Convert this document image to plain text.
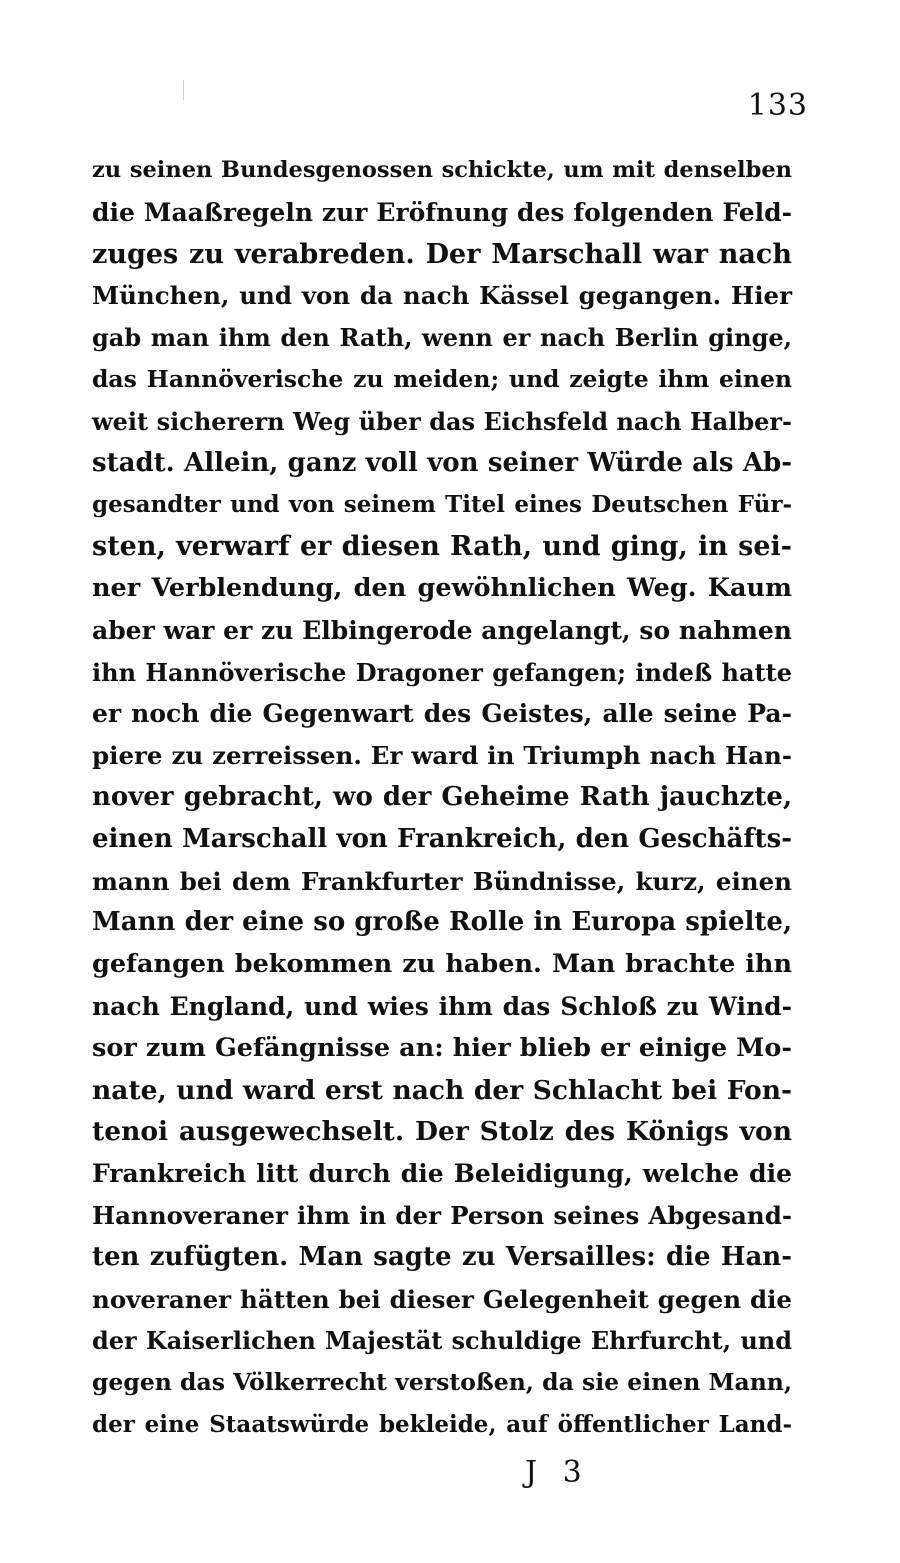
133
zu seinen Bundesgenossen schickte, um mit denselben
die Maaßregeln zur Eröfnung des folgenden Feld-
zuges zu verabreden. Der Marschall war nach
München, und von da nach Kässel gegangen. Hier
gab man ihm den Rath, wenn er nach Berlin ginge,
das Hannöverische zu meiden; und zeigte ihm einen
weit sicherern Weg über das Eichsfeld nach Halber-
stadt. Allein, ganz voll von seiner Würde als Ab-
gesandter und von seinem Titel eines Deutschen Für-
sten, verwarf er diesen Rath, und ging, in sei-
ner Verblendung, den gewöhnlichen Weg. Kaum
aber war er zu Elbingerode angelangt, so nahmen
ihn Hannöverische Dragoner gefangen; indeß hatte
er noch die Gegenwart des Geistes, alle seine Pa-
piere zu zerreissen. Er ward in Triumph nach Han-
nover gebracht, wo der Geheime Rath jauchzte,
einen Marschall von Frankreich, den Geschäfts-
mann bei dem Frankfurter Bündnisse, kurz, einen
Mann der eine so große Rolle in Europa spielte,
gefangen bekommen zu haben. Man brachte ihn
nach England, und wies ihm das Schloß zu Wind-
sor zum Gefängnisse an: hier blieb er einige Mo-
nate, und ward erst nach der Schlacht bei Fon-
tenoi ausgewechselt. Der Stolz des Königs von
Frankreich litt durch die Beleidigung, welche die
Hannoveraner ihm in der Person seines Abgesand-
ten zufügten. Man sagte zu Versailles: die Han-
noveraner hätten bei dieser Gelegenheit gegen die
der Kaiserlichen Majestät schuldige Ehrfurcht, und
gegen das Völkerrecht verstoßen, da sie einen Mann,
der eine Staatswürde bekleide, auf öffentlicher Land-
J 3
